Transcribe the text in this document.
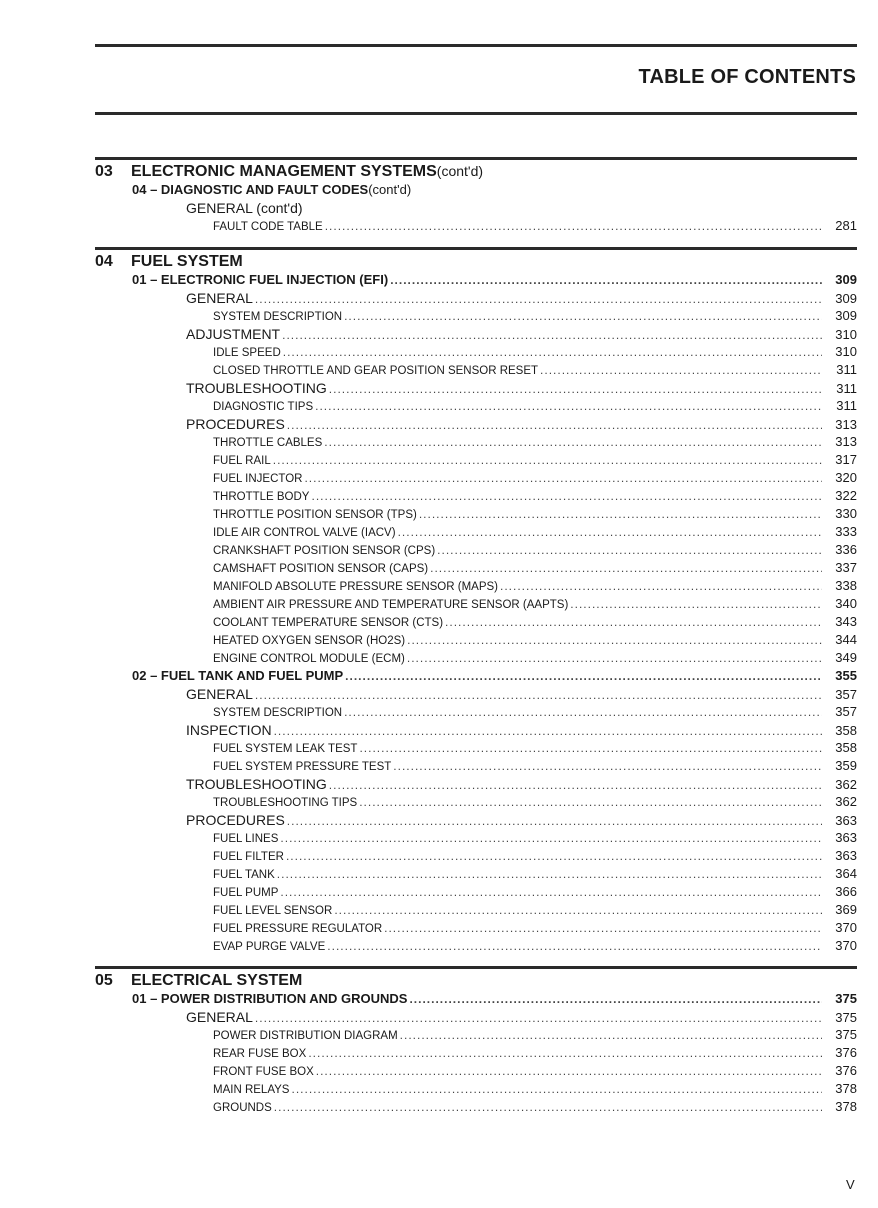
TABLE OF CONTENTS
03	ELECTRONIC MANAGEMENT SYSTEMS (cont'd)
04 – DIAGNOSTIC AND FAULT CODES (cont'd)
GENERAL (cont'd)
FAULT CODE TABLE .....	281
04	FUEL SYSTEM
01 – ELECTRONIC FUEL INJECTION (EFI) .....	309
GENERAL .....	309
SYSTEM DESCRIPTION .....	309
ADJUSTMENT .....	310
IDLE SPEED .....	310
CLOSED THROTTLE AND GEAR POSITION SENSOR RESET .....	311
TROUBLESHOOTING .....	311
DIAGNOSTIC TIPS .....	311
PROCEDURES .....	313
THROTTLE CABLES .....	313
FUEL RAIL .....	317
FUEL INJECTOR .....	320
THROTTLE BODY .....	322
THROTTLE POSITION SENSOR (TPS) .....	330
IDLE AIR CONTROL VALVE (IACV) .....	333
CRANKSHAFT POSITION SENSOR (CPS) .....	336
CAMSHAFT POSITION SENSOR (CAPS) .....	337
MANIFOLD ABSOLUTE PRESSURE SENSOR (MAPS) .....	338
AMBIENT AIR PRESSURE AND TEMPERATURE SENSOR (AAPTS) .....	340
COOLANT TEMPERATURE SENSOR (CTS) .....	343
HEATED OXYGEN SENSOR (HO2S) .....	344
ENGINE CONTROL MODULE (ECM) .....	349
02 – FUEL TANK AND FUEL PUMP .....	355
GENERAL .....	357
SYSTEM DESCRIPTION .....	357
INSPECTION .....	358
FUEL SYSTEM LEAK TEST .....	358
FUEL SYSTEM PRESSURE TEST .....	359
TROUBLESHOOTING .....	362
TROUBLESHOOTING TIPS .....	362
PROCEDURES .....	363
FUEL LINES .....	363
FUEL FILTER .....	363
FUEL TANK .....	364
FUEL PUMP .....	366
FUEL LEVEL SENSOR .....	369
FUEL PRESSURE REGULATOR .....	370
EVAP PURGE VALVE .....	370
05	ELECTRICAL SYSTEM
01 – POWER DISTRIBUTION AND GROUNDS .....	375
GENERAL .....	375
POWER DISTRIBUTION DIAGRAM .....	375
REAR FUSE BOX .....	376
FRONT FUSE BOX .....	376
MAIN RELAYS .....	378
GROUNDS .....	378
V
